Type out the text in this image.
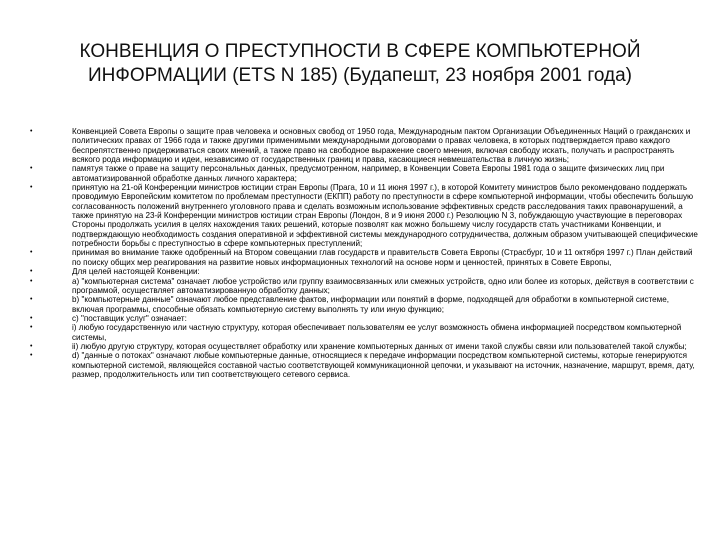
КОНВЕНЦИЯ О ПРЕСТУПНОСТИ В СФЕРЕ КОМПЬЮТЕРНОЙ ИНФОРМАЦИИ (ETS N 185) (Будапешт, 23 ноября 2001 года)
•	Конвенцией Совета Европы о защите прав человека и основных свобод от 1950 года, Международным пактом Организации Объединенных Наций о гражданских и политических правах от 1966 года и также другими применимыми международными договорами о правах человека, в которых подтверждается право каждого беспрепятственно придерживаться своих мнений, а также право на свободное выражение своего мнения, включая свободу искать, получать и распространять всякого рода информацию и идеи, независимо от государственных границ и права, касающиеся невмешательства в личную жизнь;
•	памятуя также о праве на защиту персональных данных, предусмотренном, например, в Конвенции Совета Европы 1981 года о защите физических лиц при автоматизированной обработке данных личного характера;
•	принятую на 21-ой Конференции министров юстиции стран Европы (Прага, 10 и 11 июня 1997 г.), в которой Комитету министров было рекомендовано поддержать проводимую Европейским комитетом по проблемам преступности (ЕКПП) работу по преступности в сфере компьютерной информации, чтобы обеспечить большую согласованность положений внутреннего уголовного права и сделать возможным использование эффективных средств расследования таких правонарушений, а также принятую на 23-й Конференции министров юстиции стран Европы (Лондон, 8 и 9 июня 2000 г.) Резолюцию N 3, побуждающую участвующие в переговорах Стороны продолжать усилия в целях нахождения таких решений, которые позволят как можно большему числу государств стать участниками Конвенции, и подтверждающую необходимость создания оперативной и эффективной системы международного сотрудничества, должным образом учитывающей специфические потребности борьбы с преступностью в сфере компьютерных преступлений;
•	принимая во внимание также одобренный на Втором совещании глав государств и правительств Совета Европы (Страсбург, 10 и 11 октября 1997 г.) План действий по поиску общих мер реагирования на развитие новых информационных технологий на основе норм и ценностей, принятых в Совете Европы,
•	Для целей настоящей Конвенции:
•	a) "компьютерная система" означает любое устройство или группу взаимосвязанных или смежных устройств, одно или более из которых, действуя в соответствии с программой, осуществляет автоматизированную обработку данных;
•	b) "компьютерные данные" означают любое представление фактов, информации или понятий в форме, подходящей для обработки в компьютерной системе, включая программы, способные обязать компьютерную систему выполнять ту или иную функцию;
•	c) "поставщик услуг" означает:
•	i) любую государственную или частную структуру, которая обеспечивает пользователям ее услуг возможность обмена информацией посредством компьютерной системы,
•	ii) любую другую структуру, которая осуществляет обработку или хранение компьютерных данных от имени такой службы связи или пользователей такой службы;
•	d) "данные о потоках" означают любые компьютерные данные, относящиеся к передаче информации посредством компьютерной системы, которые генерируются компьютерной системой, являющейся составной частью соответствующей коммуникационной цепочки, и указывают на источник, назначение, маршрут, время, дату, размер, продолжительность или тип соответствующего сетевого сервиса.
